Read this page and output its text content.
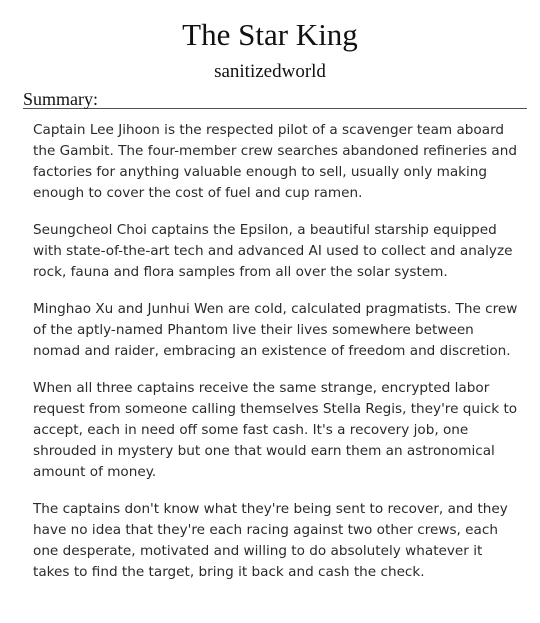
The Star King
sanitizedworld
Summary:

Captain Lee Jihoon is the respected pilot of a scavenger team aboard the Gambit. The four-member crew searches abandoned refineries and factories for anything valuable enough to sell, usually only making enough to cover the cost of fuel and cup ramen.

Seungcheol Choi captains the Epsilon, a beautiful starship equipped with state-of-the-art tech and advanced AI used to collect and analyze rock, fauna and flora samples from all over the solar system.

Minghao Xu and Junhui Wen are cold, calculated pragmatists. The crew of the aptly-named Phantom live their lives somewhere between nomad and raider, embracing an existence of freedom and discretion.

When all three captains receive the same strange, encrypted labor request from someone calling themselves Stella Regis, they're quick to accept, each in need off some fast cash. It's a recovery job, one shrouded in mystery but one that would earn them an astronomical amount of money.

The captains don't know what they're being sent to recover, and they have no idea that they're each racing against two other crews, each one desperate, motivated and willing to do absolutely whatever it takes to find the target, bring it back and cash the check.
